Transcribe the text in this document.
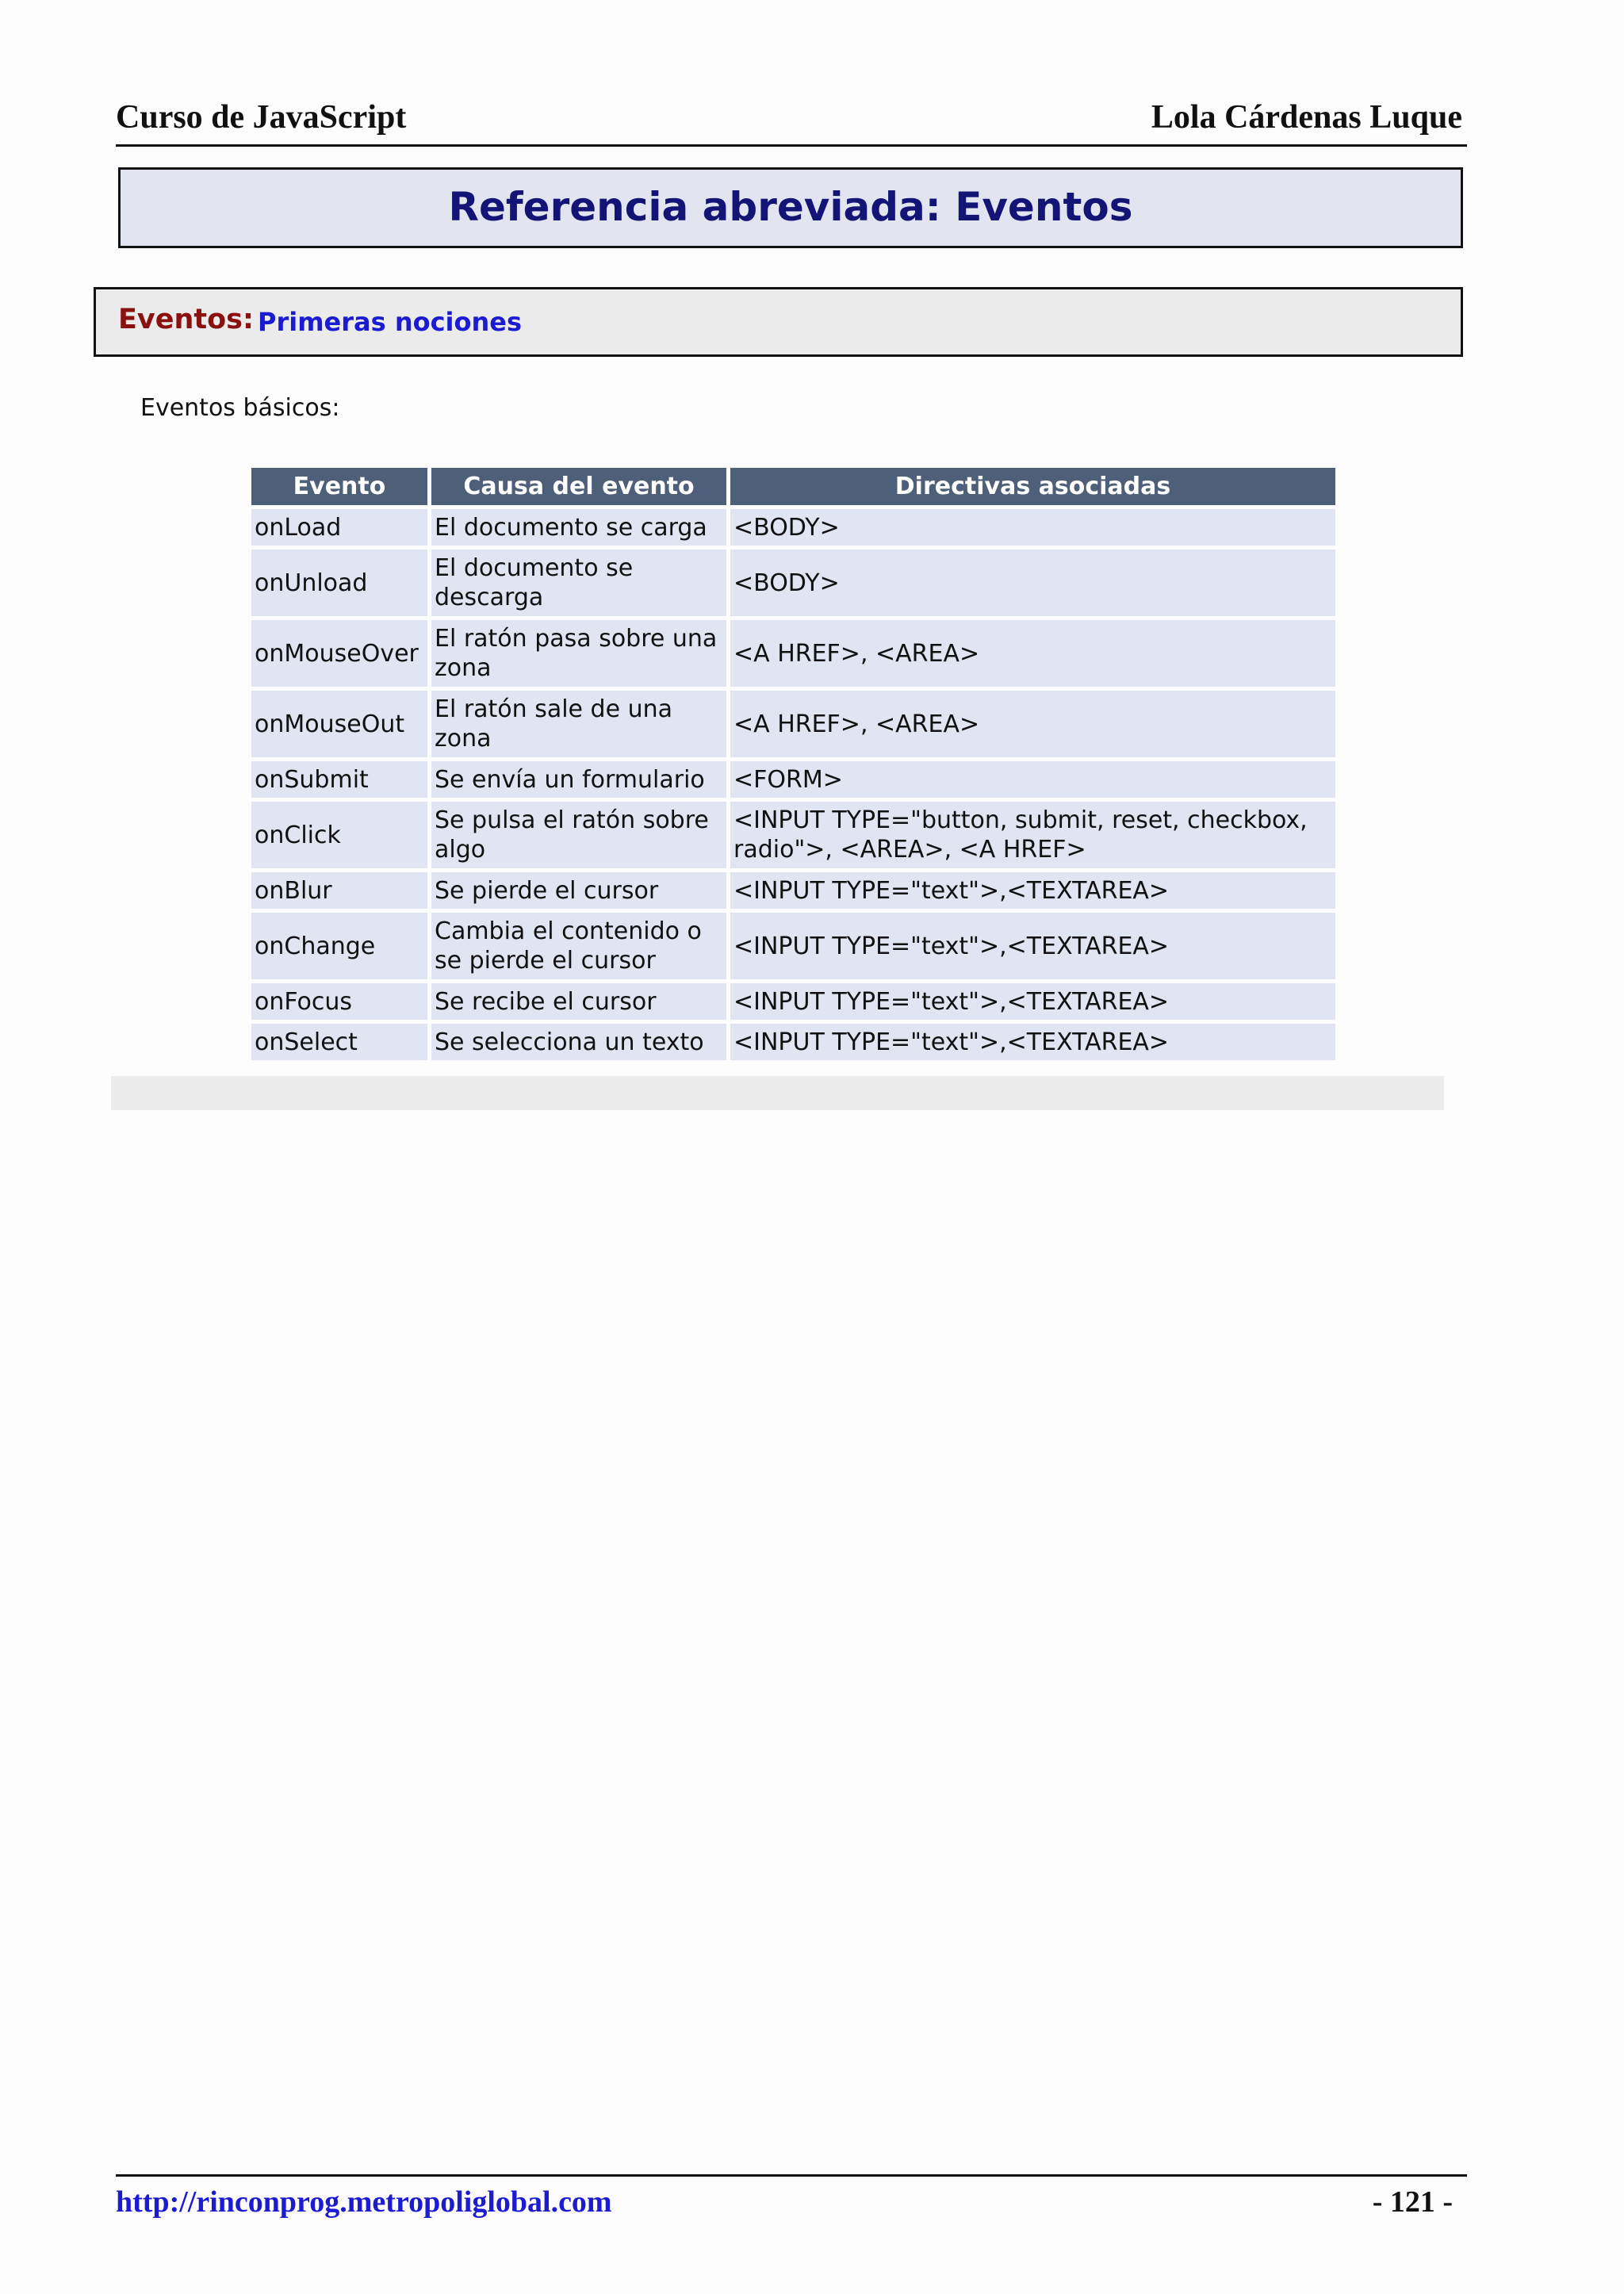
Curso de JavaScript	Lola Cárdenas Luque
Referencia abreviada: Eventos
Eventos: Primeras nociones
Eventos básicos:
Evento	Causa del evento	Directivas asociadas
onLoad	El documento se carga	<BODY>
onUnload	El documento se descarga	<BODY>
onMouseOver	El ratón pasa sobre una zona	<A HREF>, <AREA>
onMouseOut	El ratón sale de una zona	<A HREF>, <AREA>
onSubmit	Se envía un formulario	<FORM>
onClick	Se pulsa el ratón sobre algo	<INPUT TYPE="button, submit, reset, checkbox, radio">, <AREA>, <A HREF>
onBlur	Se pierde el cursor	<INPUT TYPE="text">,<TEXTAREA>
onChange	Cambia el contenido o se pierde el cursor	<INPUT TYPE="text">,<TEXTAREA>
onFocus	Se recibe el cursor	<INPUT TYPE="text">,<TEXTAREA>
onSelect	Se selecciona un texto	<INPUT TYPE="text">,<TEXTAREA>
http://rinconprog.metropoliglobal.com	- 121 -
